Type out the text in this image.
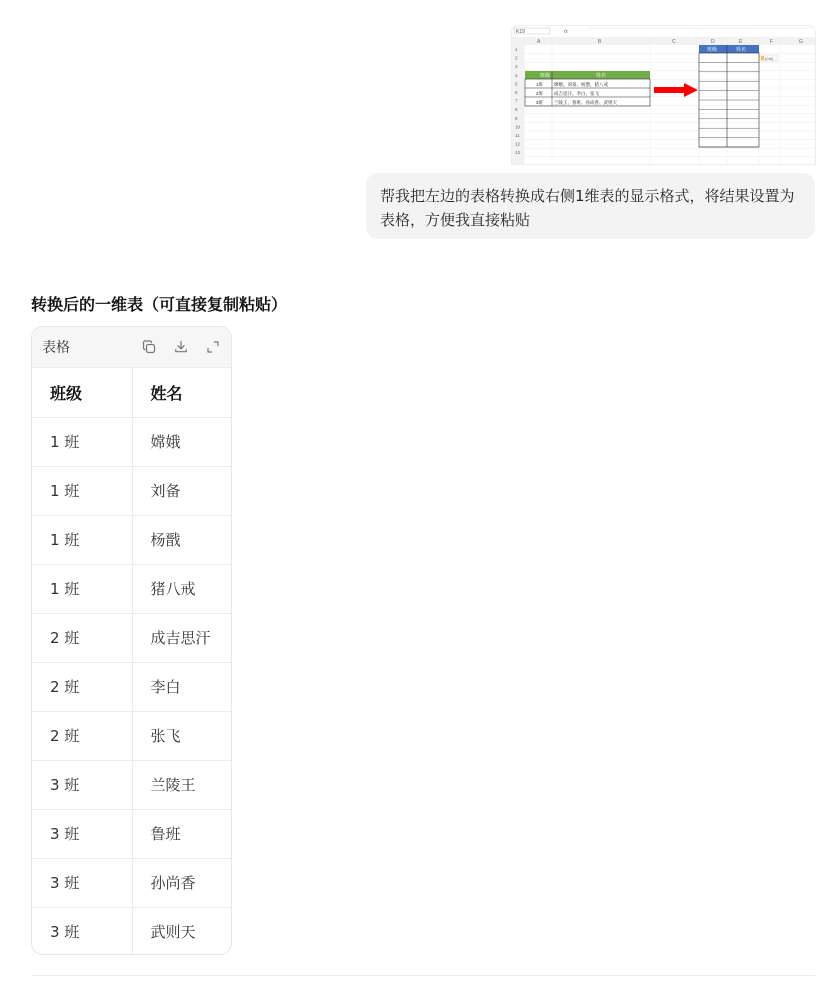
K19	fx
A	B	C	D	E	F	G
1
2
3
4
5
6
7
8
9
10
11
12
13
班级	姓名
1班 嫦娥、刘备、杨戬、猪八戒
2班 成吉思汗、李白、张飞
3班 兰陵王、鲁班、孙尚香、武则天
班级	姓名
(Ctrl)
帮我把左边的表格转换成右侧1维表的显示格式，将结果设置为表格，方便我直接粘贴
转换后的一维表（可直接复制粘贴）
表格
班级	姓名
1 班	嫦娥
1 班	刘备
1 班	杨戬
1 班	猪八戒
2 班	成吉思汗
2 班	李白
2 班	张飞
3 班	兰陵王
3 班	鲁班
3 班	孙尚香
3 班	武则天
